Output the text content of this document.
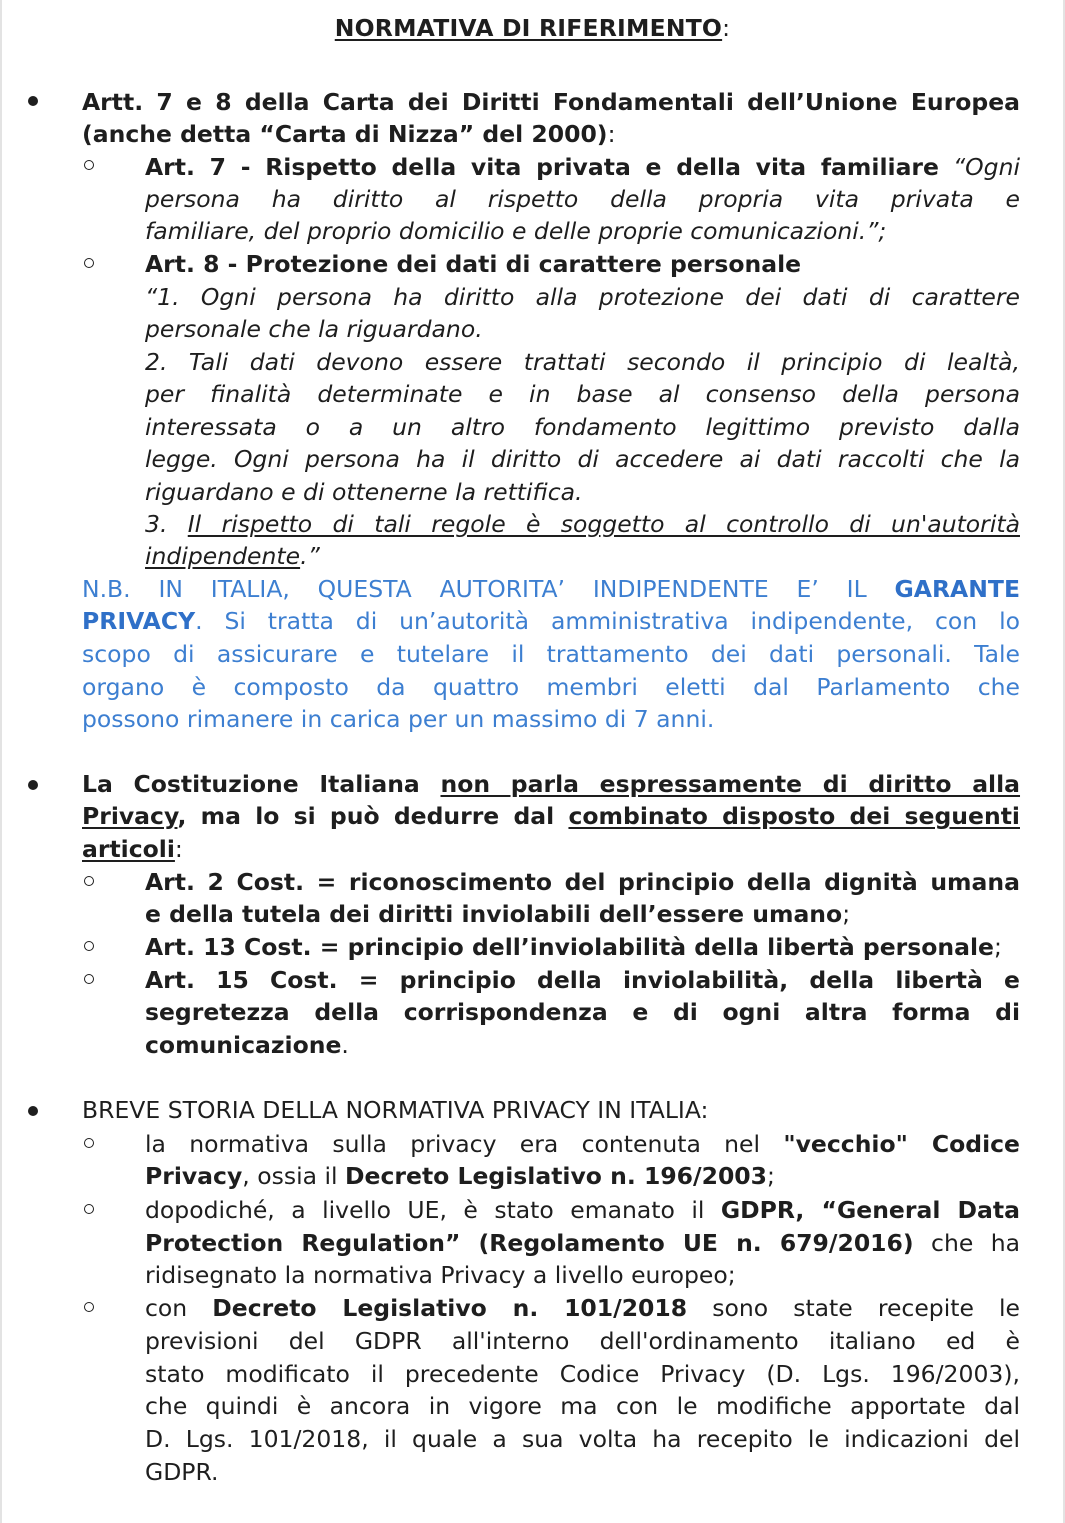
NORMATIVA DI RIFERIMENTO:
Artt. 7 e 8 della Carta dei Diritti Fondamentali dell’Unione Europea
(anche detta “Carta di Nizza” del 2000):
Art. 7 - Rispetto della vita privata e della vita familiare “Ogni
persona ha diritto al rispetto della propria vita privata e
familiare, del proprio domicilio e delle proprie comunicazioni.”;
Art. 8 - Protezione dei dati di carattere personale
“1. Ogni persona ha diritto alla protezione dei dati di carattere
personale che la riguardano.
2. Tali dati devono essere trattati secondo il principio di lealtà,
per finalità determinate e in base al consenso della persona
interessata o a un altro fondamento legittimo previsto dalla
legge. Ogni persona ha il diritto di accedere ai dati raccolti che la
riguardano e di ottenerne la rettifica.
3. Il rispetto di tali regole è soggetto al controllo di un'autorità
indipendente.”
N.B. IN ITALIA, QUESTA AUTORITA’ INDIPENDENTE E’ IL GARANTE
PRIVACY. Si tratta di un’autorità amministrativa indipendente, con lo
scopo di assicurare e tutelare il trattamento dei dati personali. Tale
organo è composto da quattro membri eletti dal Parlamento che
possono rimanere in carica per un massimo di 7 anni.
La Costituzione Italiana non parla espressamente di diritto alla
Privacy, ma lo si può dedurre dal combinato disposto dei seguenti
articoli:
Art. 2 Cost. = riconoscimento del principio della dignità umana
e della tutela dei diritti inviolabili dell’essere umano;
Art. 13 Cost. = principio dell’inviolabilità della libertà personale;
Art. 15 Cost. = principio della inviolabilità, della libertà e
segretezza della corrispondenza e di ogni altra forma di
comunicazione.
BREVE STORIA DELLA NORMATIVA PRIVACY IN ITALIA:
la normativa sulla privacy era contenuta nel "vecchio" Codice
Privacy, ossia il Decreto Legislativo n. 196/2003;
dopodiché, a livello UE, è stato emanato il GDPR, “General Data
Protection Regulation” (Regolamento UE n. 679/2016) che ha
ridisegnato la normativa Privacy a livello europeo;
con Decreto Legislativo n. 101/2018 sono state recepite le
previsioni del GDPR all'interno dell'ordinamento italiano ed è
stato modificato il precedente Codice Privacy (D. Lgs. 196/2003),
che quindi è ancora in vigore ma con le modifiche apportate dal
D. Lgs. 101/2018, il quale a sua volta ha recepito le indicazioni del
GDPR.
